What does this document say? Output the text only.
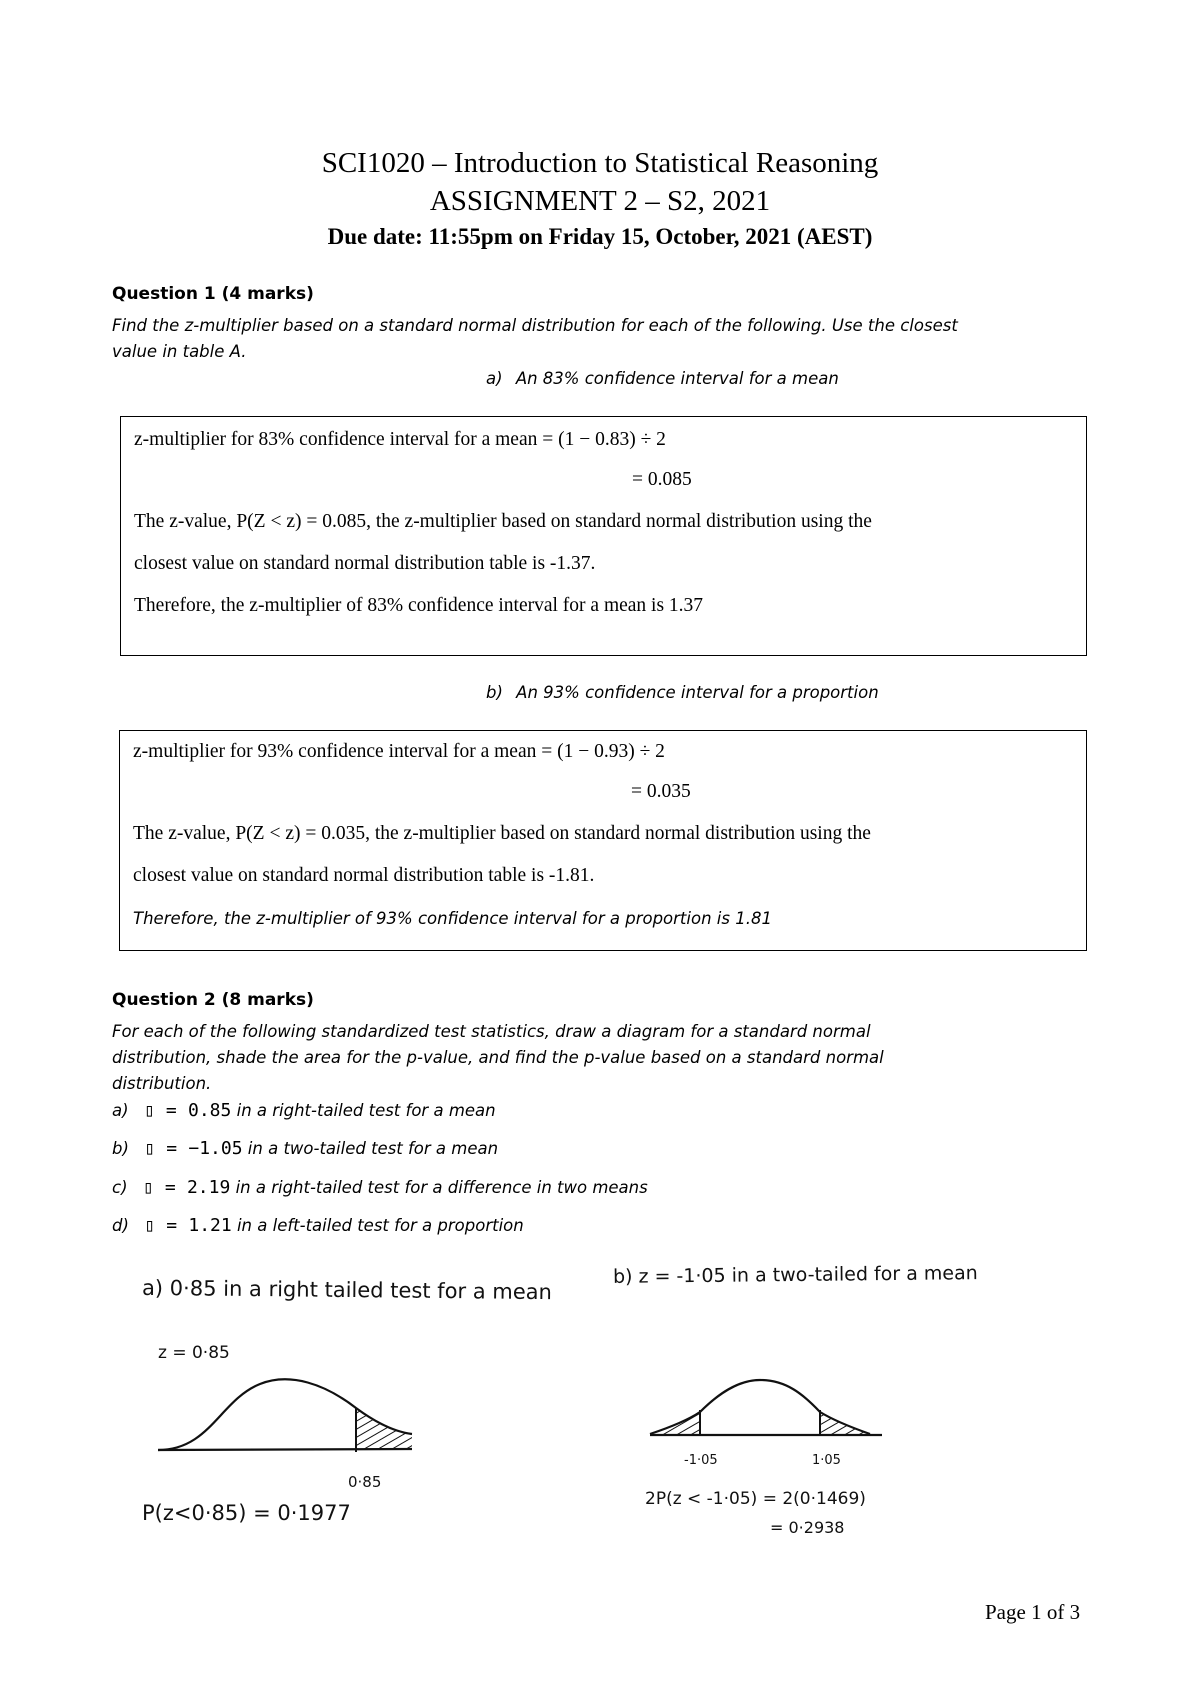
SCI1020 – Introduction to Statistical Reasoning
ASSIGNMENT 2 – S2, 2021
Due date: 11:55pm on Friday 15, October, 2021 (AEST)
Question 1 (4 marks)
Find the z-multiplier based on a standard normal distribution for each of the following. Use the closest
value in table A.
a) An 83% confidence interval for a mean
z-multiplier for 83% confidence interval for a mean = (1 − 0.83) ÷ 2
= 0.085
The z-value, P(Z < z) = 0.085, the z-multiplier based on standard normal distribution using the
closest value on standard normal distribution table is -1.37.
Therefore, the z-multiplier of 83% confidence interval for a mean is 1.37
b) An 93% confidence interval for a proportion
z-multiplier for 93% confidence interval for a mean = (1 − 0.93) ÷ 2
= 0.035
The z-value, P(Z < z) = 0.035, the z-multiplier based on standard normal distribution using the
closest value on standard normal distribution table is -1.81.
Therefore, the z-multiplier of 93% confidence interval for a proportion is 1.81
Question 2 (8 marks)
For each of the following standardized test statistics, draw a diagram for a standard normal
distribution, shade the area for the p-value, and find the p-value based on a standard normal
distribution.
a) ▯ = 0.85 in a right-tailed test for a mean
b) ▯ = −1.05 in a two-tailed test for a mean
c) ▯ = 2.19 in a right-tailed test for a difference in two means
d) ▯ = 1.21 in a left-tailed test for a proportion
a) 0·85 in a right tailed test for a mean
z = 0·85
0·85
P(z<0·85) = 0·1977
b) z = -1·05 in a two-tailed for a mean
-1·05	1·05
2P(z < -1·05) = 2(0·1469)
= 0·2938
Page 1 of 3
